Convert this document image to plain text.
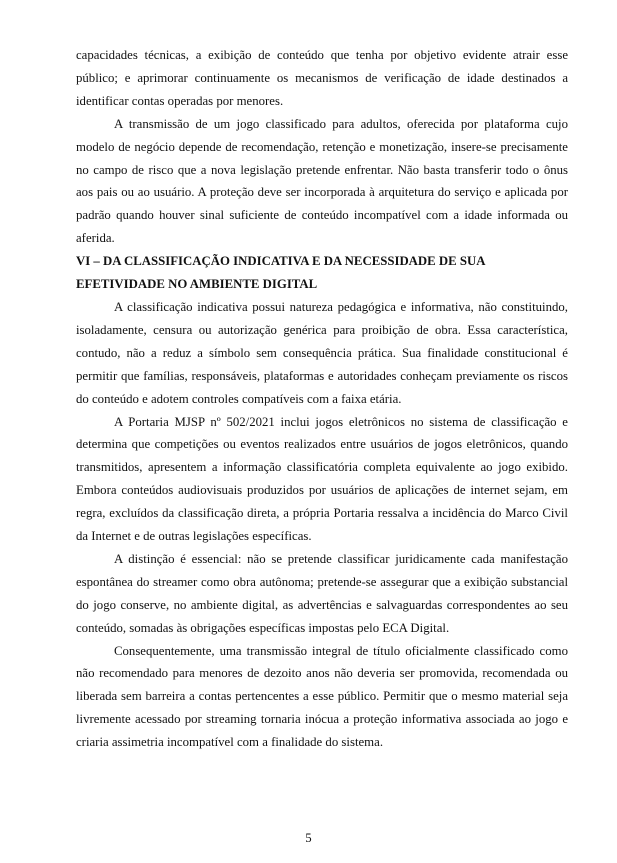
capacidades técnicas, a exibição de conteúdo que tenha por objetivo evidente atrair esse público; e aprimorar continuamente os mecanismos de verificação de idade destinados a identificar contas operadas por menores.

A transmissão de um jogo classificado para adultos, oferecida por plataforma cujo modelo de negócio depende de recomendação, retenção e monetização, insere-se precisamente no campo de risco que a nova legislação pretende enfrentar. Não basta transferir todo o ônus aos pais ou ao usuário. A proteção deve ser incorporada à arquitetura do serviço e aplicada por padrão quando houver sinal suficiente de conteúdo incompatível com a idade informada ou aferida.

VI – DA CLASSIFICAÇÃO INDICATIVA E DA NECESSIDADE DE SUA EFETIVIDADE NO AMBIENTE DIGITAL

A classificação indicativa possui natureza pedagógica e informativa, não constituindo, isoladamente, censura ou autorização genérica para proibição de obra. Essa característica, contudo, não a reduz a símbolo sem consequência prática. Sua finalidade constitucional é permitir que famílias, responsáveis, plataformas e autoridades conheçam previamente os riscos do conteúdo e adotem controles compatíveis com a faixa etária.

A Portaria MJSP nº 502/2021 inclui jogos eletrônicos no sistema de classificação e determina que competições ou eventos realizados entre usuários de jogos eletrônicos, quando transmitidos, apresentem a informação classificatória completa equivalente ao jogo exibido. Embora conteúdos audiovisuais produzidos por usuários de aplicações de internet sejam, em regra, excluídos da classificação direta, a própria Portaria ressalva a incidência do Marco Civil da Internet e de outras legislações específicas.

A distinção é essencial: não se pretende classificar juridicamente cada manifestação espontânea do streamer como obra autônoma; pretende-se assegurar que a exibição substancial do jogo conserve, no ambiente digital, as advertências e salvaguardas correspondentes ao seu conteúdo, somadas às obrigações específicas impostas pelo ECA Digital.

Consequentemente, uma transmissão integral de título oficialmente classificado como não recomendado para menores de dezoito anos não deveria ser promovida, recomendada ou liberada sem barreira a contas pertencentes a esse público. Permitir que o mesmo material seja livremente acessado por streaming tornaria inócua a proteção informativa associada ao jogo e criaria assimetria incompatível com a finalidade do sistema.

5
